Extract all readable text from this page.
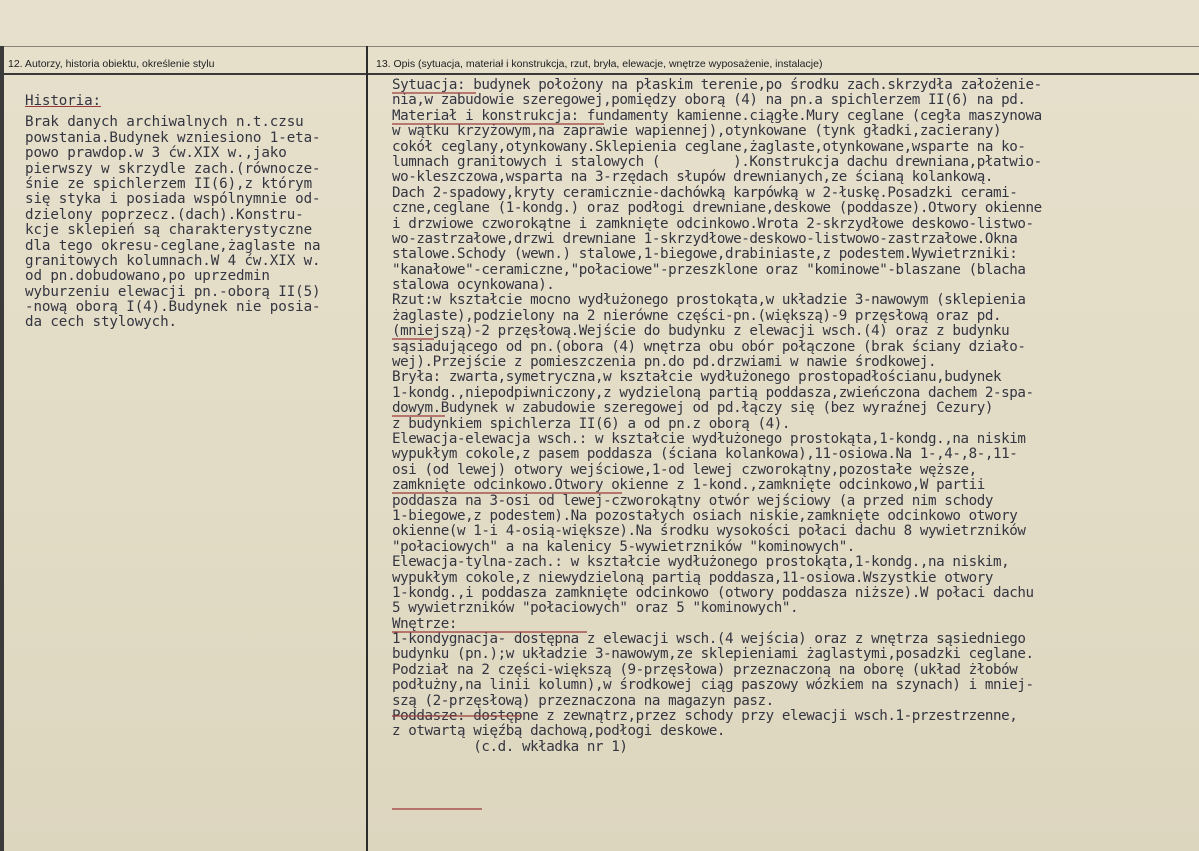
12. Autorzy, historia obiektu, określenie stylu	13. Opis (sytuacja, materiał i konstrukcja, rzut, bryła, elewacje, wnętrze wyposażenie, instalacje)
Historia:
Brak danych archiwalnych n.t.czsu
powstania.Budynek wzniesiono 1-eta-
powo prawdop.w 3 ćw.XIX w.,jako
pierwszy w skrzydle zach.(równocze-
śnie ze spichlerzem II(6),z którym
się styka i posiada wspólnymnie od-
dzielony poprzecz.(dach).Konstru-
kcje sklepień są charakterystyczne
dla tego okresu-ceglane,żaglaste na
granitowych kolumnach.W 4 ćw.XIX w.
od pn.dobudowano,po uprzedmin
wyburzeniu elewacji pn.-oborą II(5)
-nową oborą I(4).Budynek nie posia-
da cech stylowych.
Sytuacja: budynek położony na płaskim terenie,po środku zach.skrzydła założenie-
nia,w zabudowie szeregowej,pomiędzy oborą (4) na pn.a spichlerzem II(6) na pd.
Materiał i konstrukcja: fundamenty kamienne.ciągłe.Mury ceglane (cegła maszynowa
w wątku krzyżowym,na zaprawie wapiennej),otynkowane (tynk gładki,zacierany)
cokół ceglany,otynkowany.Sklepienia ceglane,żaglaste,otynkowane,wsparte na ko-
lumnach granitowych i stalowych (         ).Konstrukcja dachu drewniana,płatwio-
wo-kleszczowa,wsparta na 3-rzędach słupów drewnianych,ze ścianą kolankową.
Dach 2-spadowy,kryty ceramicznie-dachówką karpówką w 2-łuskę.Posadzki cerami-
czne,ceglane (1-kondg.) oraz podłogi drewniane,deskowe (poddasze).Otwory okienne
i drzwiowe czworokątne i zamknięte odcinkowo.Wrota 2-skrzydłowe deskowo-listwo-
wo-zastrzałowe,drzwi drewniane 1-skrzydłowe-deskowo-listwowo-zastrzałowe.Okna
stalowe.Schody (wewn.) stalowe,1-biegowe,drabiniaste,z podestem.Wywietrzniki:
"kanałowe"-ceramiczne,"połaciowe"-przeszklone oraz "kominowe"-blaszane (blacha
stalowa ocynkowana).
Rzut:w kształcie mocno wydłużonego prostokąta,w układzie 3-nawowym (sklepienia
żaglaste),podzielony na 2 nierówne części-pn.(większą)-9 przęsłową oraz pd.
(mniejszą)-2 przęsłową.Wejście do budynku z elewacji wsch.(4) oraz z budynku
sąsiadującego od pn.(obora (4) wnętrza obu obór połączone (brak ściany działo-
wej).Przejście z pomieszczenia pn.do pd.drzwiami w nawie środkowej.
Bryła: zwarta,symetryczna,w kształcie wydłużonego prostopadłościanu,budynek
1-kondg.,niepodpiwniczony,z wydzieloną partią poddasza,zwieńczona dachem 2-spa-
dowym.Budynek w zabudowie szeregowej od pd.łączy się (bez wyraźnej Cezury)
z budynkiem spichlerza II(6) a od pn.z oborą (4).
Elewacja-elewacja wsch.: w kształcie wydłużonego prostokąta,1-kondg.,na niskim
wypukłym cokole,z pasem poddasza (ściana kolankowa),11-osiowa.Na 1-,4-,8-,11-
osi (od lewej) otwory wejściowe,1-od lewej czworokątny,pozostałe węższe,
zamknięte odcinkowo.Otwory okienne z 1-kond.,zamknięte odcinkowo,W partii
poddasza na 3-osi od lewej-czworokątny otwór wejściowy (a przed nim schody
1-biegowe,z podestem).Na pozostałych osiach niskie,zamknięte odcinkowo otwory
okienne(w 1-i 4-osią-większe).Na środku wysokości połaci dachu 8 wywietrzników
"połaciowych" a na kalenicy 5-wywietrzników "kominowych".
Elewacja-tylna-zach.: w kształcie wydłużonego prostokąta,1-kondg.,na niskim,
wypukłym cokole,z niewydzieloną partią poddasza,11-osiowa.Wszystkie otwory
1-kondg.,i poddasza zamknięte odcinkowo (otwory poddasza niższe).W połaci dachu
5 wywietrzników "połaciowych" oraz 5 "kominowych".
Wnętrze:
1-kondygnacja- dostępna z elewacji wsch.(4 wejścia) oraz z wnętrza sąsiedniego
budynku (pn.);w układzie 3-nawowym,ze sklepieniami żaglastymi,posadzki ceglane.
Podział na 2 części-większą (9-przęsłowa) przeznaczoną na oborę (układ żłobów
podłużny,na linii kolumn),w środkowej ciąg paszowy wózkiem na szynach) i mniej-
szą (2-przęsłową) przeznaczona na magazyn pasz.
Poddasze: dostępne z zewnątrz,przez schody przy elewacji wsch.1-przestrzenne,
z otwartą więźbą dachową,podłogi deskowe.
(c.d. wkładka nr 1)
